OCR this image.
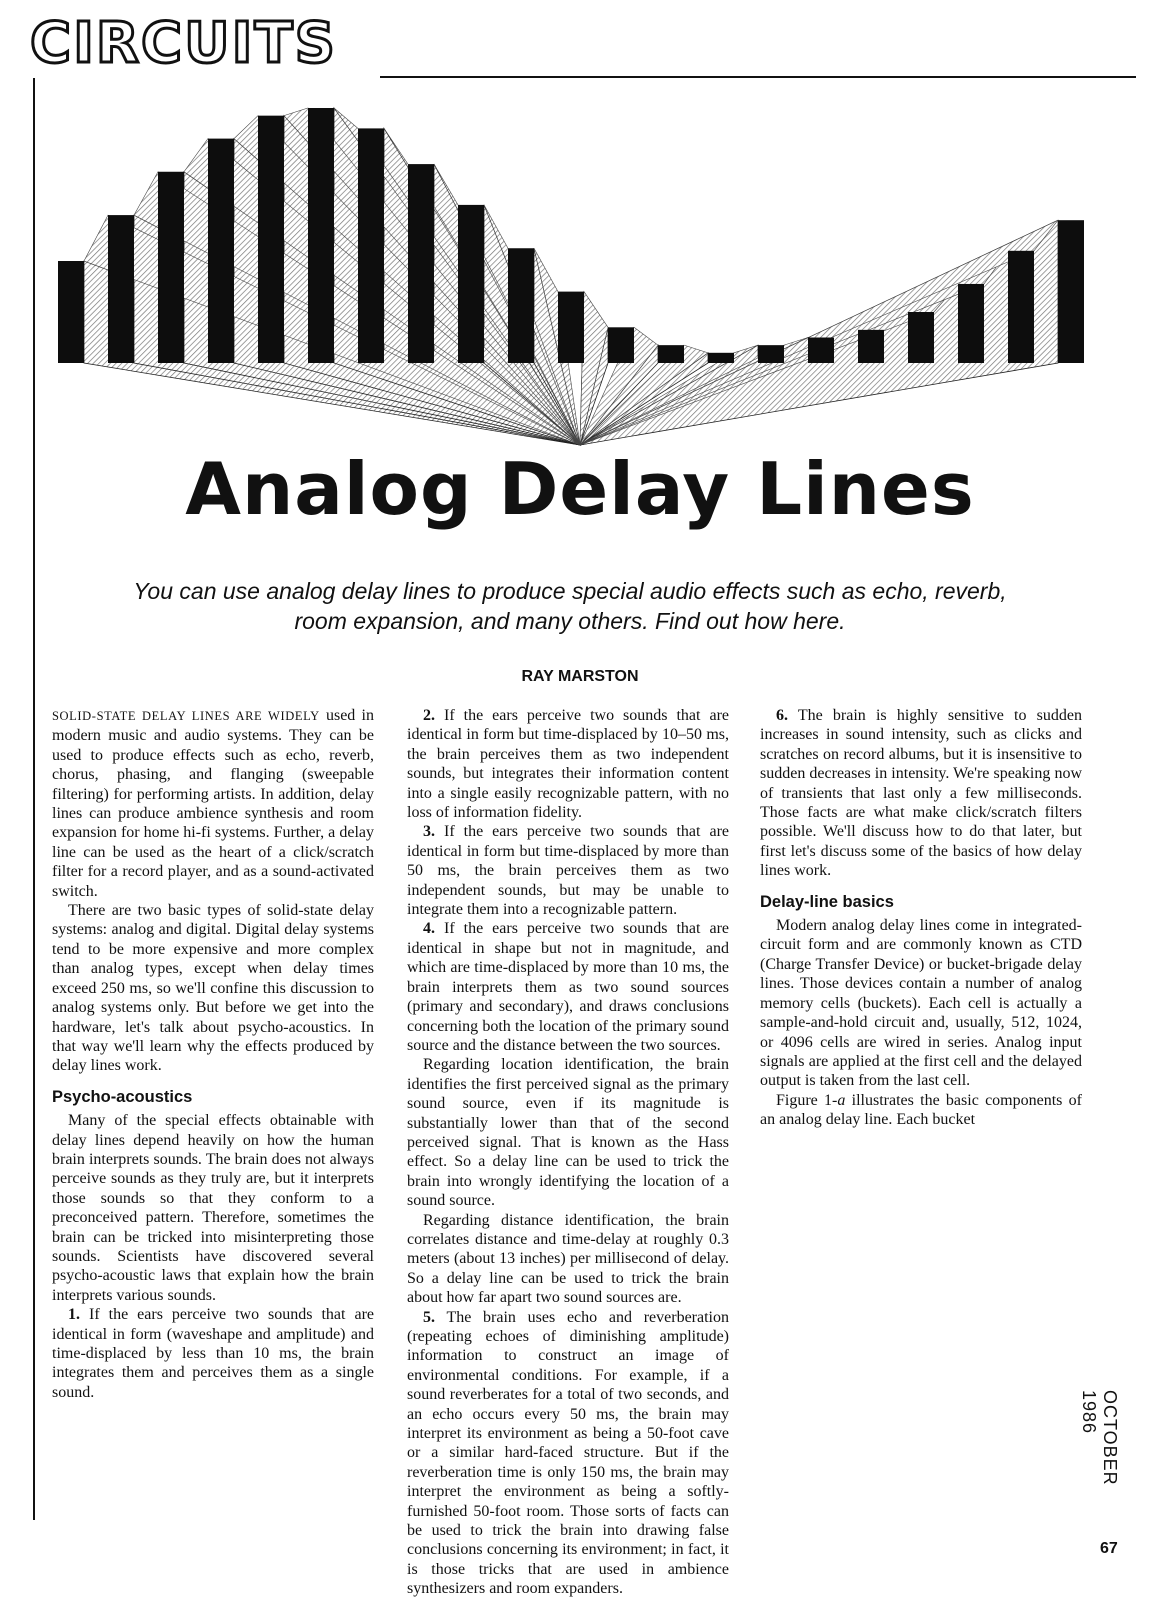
CIRCUITS
Analog Delay Lines
You can use analog delay lines to produce special audio effects such as echo, reverb, room expansion, and many others. Find out how here.
RAY MARSTON

SOLID-STATE DELAY LINES ARE WIDELY used in modern music and audio systems. They can be used to produce effects such as echo, reverb, chorus, phasing, and flanging (sweepable filtering) for performing artists. In addition, delay lines can produce ambience synthesis and room expansion for home hi-fi systems. Further, a delay line can be used as the heart of a click/scratch filter for a record player, and as a sound-activated switch.

There are two basic types of solid-state delay systems: analog and digital. Digital delay systems tend to be more expensive and more complex than analog types, except when delay times exceed 250 ms, so we'll confine this discussion to analog systems only. But before we get into the hardware, let's talk about psycho-acoustics. In that way we'll learn why the effects produced by delay lines work.

Psycho-acoustics

Many of the special effects obtainable with delay lines depend heavily on how the human brain interprets sounds. The brain does not always perceive sounds as they truly are, but it interprets those sounds so that they conform to a preconceived pattern. Therefore, sometimes the brain can be tricked into misinterpreting those sounds. Scientists have discovered several psycho-acoustic laws that explain how the brain interprets various sounds.

1. If the ears perceive two sounds that are identical in form (waveshape and amplitude) and time-displaced by less than 10 ms, the brain integrates them and perceives them as a single sound.

2. If the ears perceive two sounds that are identical in form but time-displaced by 10–50 ms, the brain perceives them as two independent sounds, but integrates their information content into a single easily recognizable pattern, with no loss of information fidelity.

3. If the ears perceive two sounds that are identical in form but time-displaced by more than 50 ms, the brain perceives them as two independent sounds, but may be unable to integrate them into a recognizable pattern.

4. If the ears perceive two sounds that are identical in shape but not in magnitude, and which are time-displaced by more than 10 ms, the brain interprets them as two sound sources (primary and secondary), and draws conclusions concerning both the location of the primary sound source and the distance between the two sources.

Regarding location identification, the brain identifies the first perceived signal as the primary sound source, even if its magnitude is substantially lower than that of the second perceived signal. That is known as the Hass effect. So a delay line can be used to trick the brain into wrongly identifying the location of a sound source.

Regarding distance identification, the brain correlates distance and time-delay at roughly 0.3 meters (about 13 inches) per millisecond of delay. So a delay line can be used to trick the brain about how far apart two sound sources are.

5. The brain uses echo and reverberation (repeating echoes of diminishing amplitude) information to construct an image of environmental conditions. For example, if a sound reverberates for a total of two seconds, and an echo occurs every 50 ms, the brain may interpret its environment as being a 50-foot cave or a similar hard-faced structure. But if the reverberation time is only 150 ms, the brain may interpret the environment as being a softly-furnished 50-foot room. Those sorts of facts can be used to trick the brain into drawing false conclusions concerning its environment; in fact, it is those tricks that are used in ambience synthesizers and room expanders.

6. The brain is highly sensitive to sudden increases in sound intensity, such as clicks and scratches on record albums, but it is insensitive to sudden decreases in intensity. We're speaking now of transients that last only a few milliseconds. Those facts are what make click/scratch filters possible. We'll discuss how to do that later, but first let's discuss some of the basics of how delay lines work.

Delay-line basics

Modern analog delay lines come in integrated-circuit form and are commonly known as CTD (Charge Transfer Device) or bucket-brigade delay lines. Those devices contain a number of analog memory cells (buckets). Each cell is actually a sample-and-hold circuit and, usually, 512, 1024, or 4096 cells are wired in series. Analog input signals are applied at the first cell and the delayed output is taken from the last cell.

Figure 1-a illustrates the basic components of an analog delay line. Each bucket

OCTOBER 1986
67
